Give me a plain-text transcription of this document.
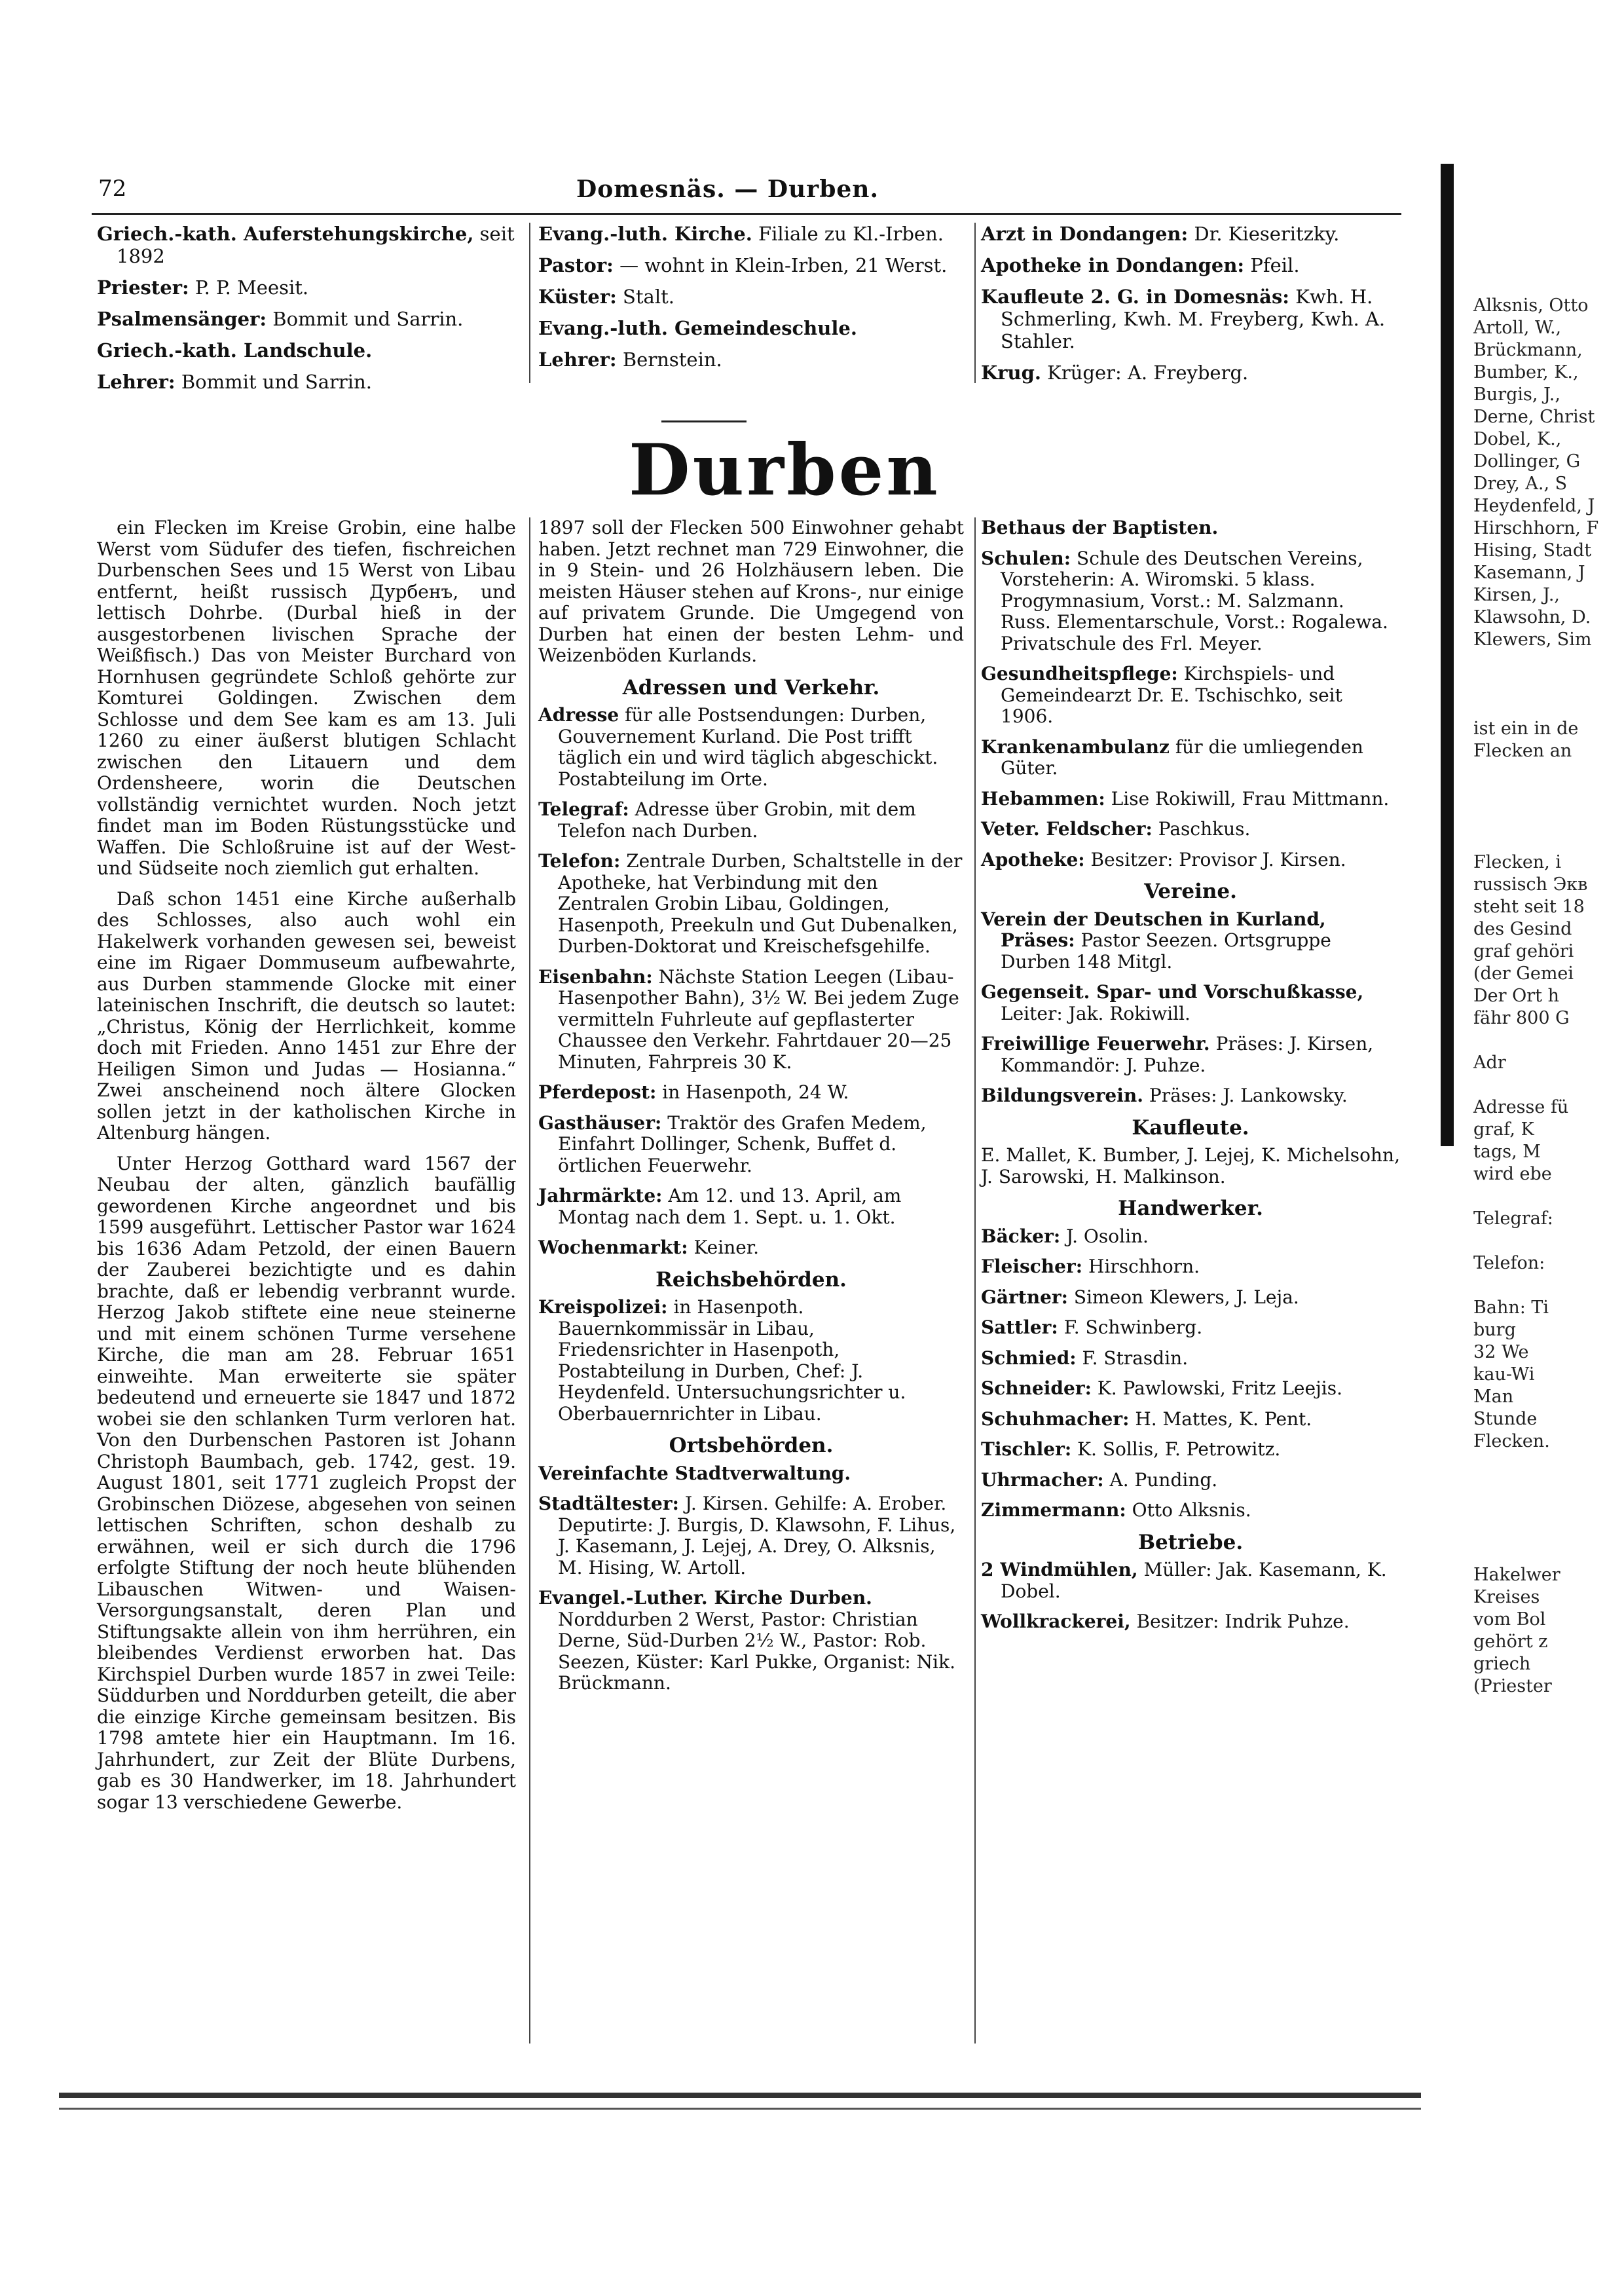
72	Domesnäs. — Durben.
Griech.-kath. Auferstehungskirche, seit 1892
Priester: P. P. Meesit.
Psalmensänger: Bommit und Sarrin.
Griech.-kath. Landschule.
Lehrer: Bommit und Sarrin.
Evang.-luth. Kirche. Filiale zu Kl.-Irben.
Pastor: — wohnt in Klein-Irben, 21 Werst.
Küster: Stalt.
Evang.-luth. Gemeindeschule.
Lehrer: Bernstein.
Arzt in Dondangen: Dr. Kieseritzky.
Apotheke in Dondangen: Pfeil.
Kaufleute 2. G. in Domesnäs: Kwh. H. Schmerling, Kwh. M. Freyberg, Kwh. A. Stahler.
Krug. Krüger: A. Freyberg.
Durben

ein Flecken im Kreise Grobin, eine halbe Werst vom Südufer des tiefen, fischreichen Durbenschen Sees und 15 Werst von Libau entfernt, heißt russisch Дурбенъ, und lettisch Dohrbe. (Durbal hieß in der ausgestorbenen livischen Sprache der Weißfisch.) Das von Meister Burchard von Hornhusen gegründete Schloß gehörte zur Komturei Goldingen. Zwischen dem Schlosse und dem See kam es am 13. Juli 1260 zu einer äußerst blutigen Schlacht zwischen den Litauern und dem Ordensheere, worin die Deutschen vollständig vernichtet wurden. Noch jetzt findet man im Boden Rüstungsstücke und Waffen. Die Schloßruine ist auf der West- und Südseite noch ziemlich gut erhalten.

Daß schon 1451 eine Kirche außerhalb des Schlosses, also auch wohl ein Hakelwerk vorhanden gewesen sei, beweist eine im Rigaer Dommuseum aufbewahrte, aus Durben stammende Glocke mit einer lateinischen Inschrift, die deutsch so lautet: „Christus, König der Herrlichkeit, komme doch mit Frieden. Anno 1451 zur Ehre der Heiligen Simon und Judas — Hosianna.“ Zwei anscheinend noch ältere Glocken sollen jetzt in der katholischen Kirche in Altenburg hängen.

Unter Herzog Gotthard ward 1567 der Neubau der alten, gänzlich baufällig gewordenen Kirche angeordnet und bis 1599 ausgeführt. Lettischer Pastor war 1624 bis 1636 Adam Petzold, der einen Bauern der Zauberei bezichtigte und es dahin brachte, daß er lebendig verbrannt wurde. Herzog Jakob stiftete eine neue steinerne und mit einem schönen Turme versehene Kirche, die man am 28. Februar 1651 einweihte. Man erweiterte sie später bedeutend und erneuerte sie 1847 und 1872 wobei sie den schlanken Turm verloren hat. Von den Durbenschen Pastoren ist Johann Christoph Baumbach, geb. 1742, gest. 19. August 1801, seit 1771 zugleich Propst der Grobinschen Diözese, abgesehen von seinen lettischen Schriften, schon deshalb zu erwähnen, weil er sich durch die 1796 erfolgte Stiftung der noch heute blühenden Libauschen Witwen- und Waisen-Versorgungsanstalt, deren Plan und Stiftungsakte allein von ihm herrühren, ein bleibendes Verdienst erworben hat. Das Kirchspiel Durben wurde 1857 in zwei Teile: Süddurben und Norddurben geteilt, die aber die einzige Kirche gemeinsam besitzen. Bis 1798 amtete hier ein Hauptmann. Im 16. Jahrhundert, zur Zeit der Blüte Durbens, gab es 30 Handwerker, im 18. Jahrhundert sogar 13 verschiedene Gewerbe.

1897 soll der Flecken 500 Einwohner gehabt haben. Jetzt rechnet man 729 Einwohner, die in 9 Stein- und 26 Holzhäusern leben. Die meisten Häuser stehen auf Krons-, nur einige auf privatem Grunde. Die Umgegend von Durben hat einen der besten Lehm- und Weizenböden Kurlands.

Adressen und Verkehr.
Adresse für alle Postsendungen: Durben, Gouvernement Kurland. Die Post trifft täglich ein und wird täglich abgeschickt. Postabteilung im Orte.
Telegraf: Adresse über Grobin, mit dem Telefon nach Durben.
Telefon: Zentrale Durben, Schaltstelle in der Apotheke, hat Verbindung mit den Zentralen Grobin Libau, Goldingen, Hasenpoth, Preekuln und Gut Dubenalken, Durben-Doktorat und Kreischefsgehilfe.
Eisenbahn: Nächste Station Leegen (Libau-Hasenpother Bahn), 3½ W. Bei jedem Zuge vermitteln Fuhrleute auf gepflasterter Chaussee den Verkehr. Fahrtdauer 20—25 Minuten, Fahrpreis 30 K.
Pferdepost: in Hasenpoth, 24 W.
Gasthäuser: Traktör des Grafen Medem, Einfahrt Dollinger, Schenk, Buffet d. örtlichen Feuerwehr.
Jahrmärkte: Am 12. und 13. April, am Montag nach dem 1. Sept. u. 1. Okt.
Wochenmarkt: Keiner.
Reichsbehörden.
Kreispolizei: in Hasenpoth. Bauernkommissär in Libau, Friedensrichter in Hasenpoth, Postabteilung in Durben, Chef: J. Heydenfeld. Untersuchungsrichter u. Oberbauernrichter in Libau.
Ortsbehörden.
Vereinfachte Stadtverwaltung.
Stadtältester: J. Kirsen. Gehilfe: A. Erober. Deputirte: J. Burgis, D. Klawsohn, F. Lihus, J. Kasemann, J. Lejej, A. Drey, O. Alksnis, M. Hising, W. Artoll.
Evangel.-Luther. Kirche Durben. Norddurben 2 Werst, Pastor: Christian Derne, Süd-Durben 2½ W., Pastor: Rob. Seezen, Küster: Karl Pukke, Organist: Nik. Brückmann.
Bethaus der Baptisten.
Schulen: Schule des Deutschen Vereins, Vorsteherin: A. Wiromski. 5 klass. Progymnasium, Vorst.: M. Salzmann. Russ. Elementarschule, Vorst.: Rogalewa. Privatschule des Frl. Meyer.
Gesundheitspflege: Kirchspiels- und Gemeindearzt Dr. E. Tschischko, seit 1906.
Krankenambulanz für die umliegenden Güter.
Hebammen: Lise Rokiwill, Frau Mittmann.
Veter. Feldscher: Paschkus.
Apotheke: Besitzer: Provisor J. Kirsen.
Vereine.
Verein der Deutschen in Kurland, Präses: Pastor Seezen. Ortsgruppe Durben 148 Mitgl.
Gegenseit. Spar- und Vorschußkasse, Leiter: Jak. Rokiwill.
Freiwillige Feuerwehr. Präses: J. Kirsen, Kommandör: J. Puhze.
Bildungsverein. Präses: J. Lankowsky.
Kaufleute.

E. Mallet, K. Bumber, J. Lejej, K. Michelsohn, J. Sarowski, H. Malkinson.

Handwerker.
Bäcker: J. Osolin.
Fleischer: Hirschhorn.
Gärtner: Simeon Klewers, J. Leja.
Sattler: F. Schwinberg.
Schmied: F. Strasdin.
Schneider: K. Pawlowski, Fritz Leejis.
Schuhmacher: H. Mattes, K. Pent.
Tischler: K. Sollis, F. Petrowitz.
Uhrmacher: A. Punding.
Zimmermann: Otto Alksnis.
Betriebe.
2 Windmühlen, Müller: Jak. Kasemann, K. Dobel.
Wollkrackerei, Besitzer: Indrik Puhze.
Alksnis, Otto
Artoll, W.,
Brückmann,
Bumber, K.,
Burgis, J.,
Derne, Christ
Dobel, K.,
Dollinger, G
Drey, A., S
Heydenfeld, J
Hirschhorn, F
Hising, Stadt
Kasemann, J
Kirsen, J.,
Klawsohn, D.
Klewers, Sim

ist ein in de
Flecken an

Flecken, i
russisch Экв
steht seit 18
des Gesind
graf gehöri
(der Gemei
Der Ort h
fähr 800 G

Adr

Adresse fü
graf, K
tags, M
wird ebe

Telegraf:

Telefon:

Bahn: Ti
burg
32 We
kau-Wi
Man
Stunde
Flecken.

Hakelwer
Kreises
vom Bol
gehört z
griech
(Priester
